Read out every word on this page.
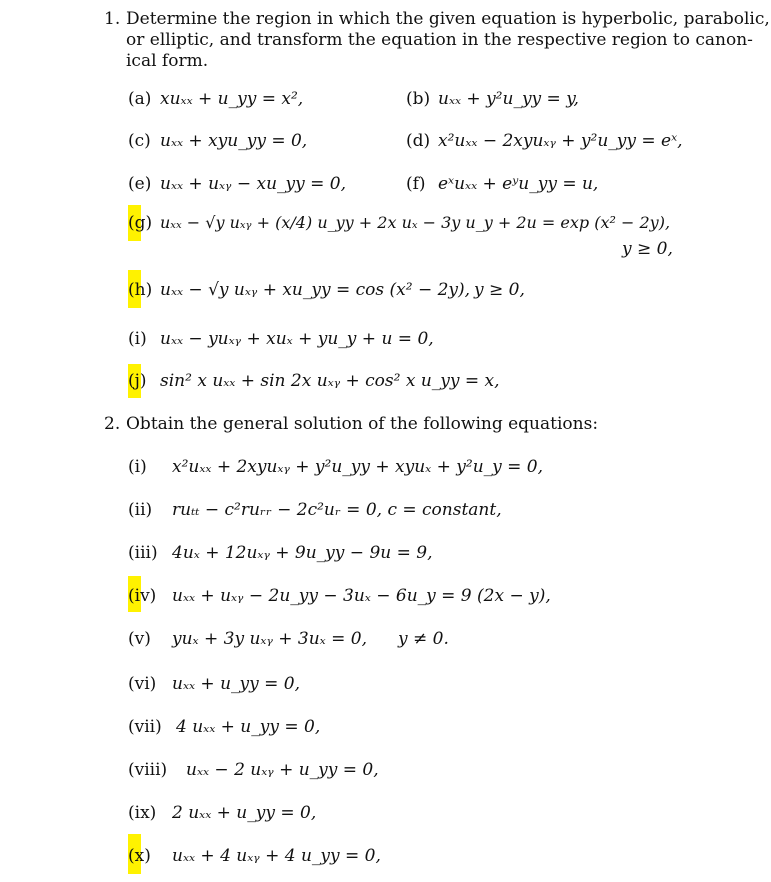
1. Determine the region in which the given equation is hyperbolic, parabolic,
or elliptic, and transform the equation in the respective region to canon-
ical form.
(a) xuₓₓ + u_yy = x²,	(b) uₓₓ + y²u_yy = y,
(c) uₓₓ + xyu_yy = 0,	(d) x²uₓₓ − 2xyuₓᵧ + y²u_yy = eˣ,
(e) uₓₓ + uₓᵧ − xu_yy = 0,	(f) eˣuₓₓ + eʸu_yy = u,
(g) uₓₓ − √y uₓᵧ + (x/4) u_yy + 2x uₓ − 3y u_y + 2u = exp (x² − 2y),
y ≥ 0,
(h) uₓₓ − √y uₓᵧ + xu_yy = cos (x² − 2y), y ≥ 0,
(i) uₓₓ − yuₓᵧ + xuₓ + yu_y + u = 0,
(j) sin² x uₓₓ + sin 2x uₓᵧ + cos² x u_yy = x,
2. Obtain the general solution of the following equations:
(i) x²uₓₓ + 2xyuₓᵧ + y²u_yy + xyuₓ + y²u_y = 0,
(ii) ruₜₜ − c²ruᵣᵣ − 2c²uᵣ = 0, c = constant,
(iii) 4uₓ + 12uₓᵧ + 9u_yy − 9u = 9,
(iv) uₓₓ + uₓᵧ − 2u_yy − 3uₓ − 6u_y = 9 (2x − y),
(v) yuₓ + 3y uₓᵧ + 3uₓ = 0, y ≠ 0.
(vi) uₓₓ + u_yy = 0,
(vii) 4 uₓₓ + u_yy = 0,
(viii) uₓₓ − 2 uₓᵧ + u_yy = 0,
(ix) 2 uₓₓ + u_yy = 0,
(x) uₓₓ + 4 uₓᵧ + 4 u_yy = 0,
